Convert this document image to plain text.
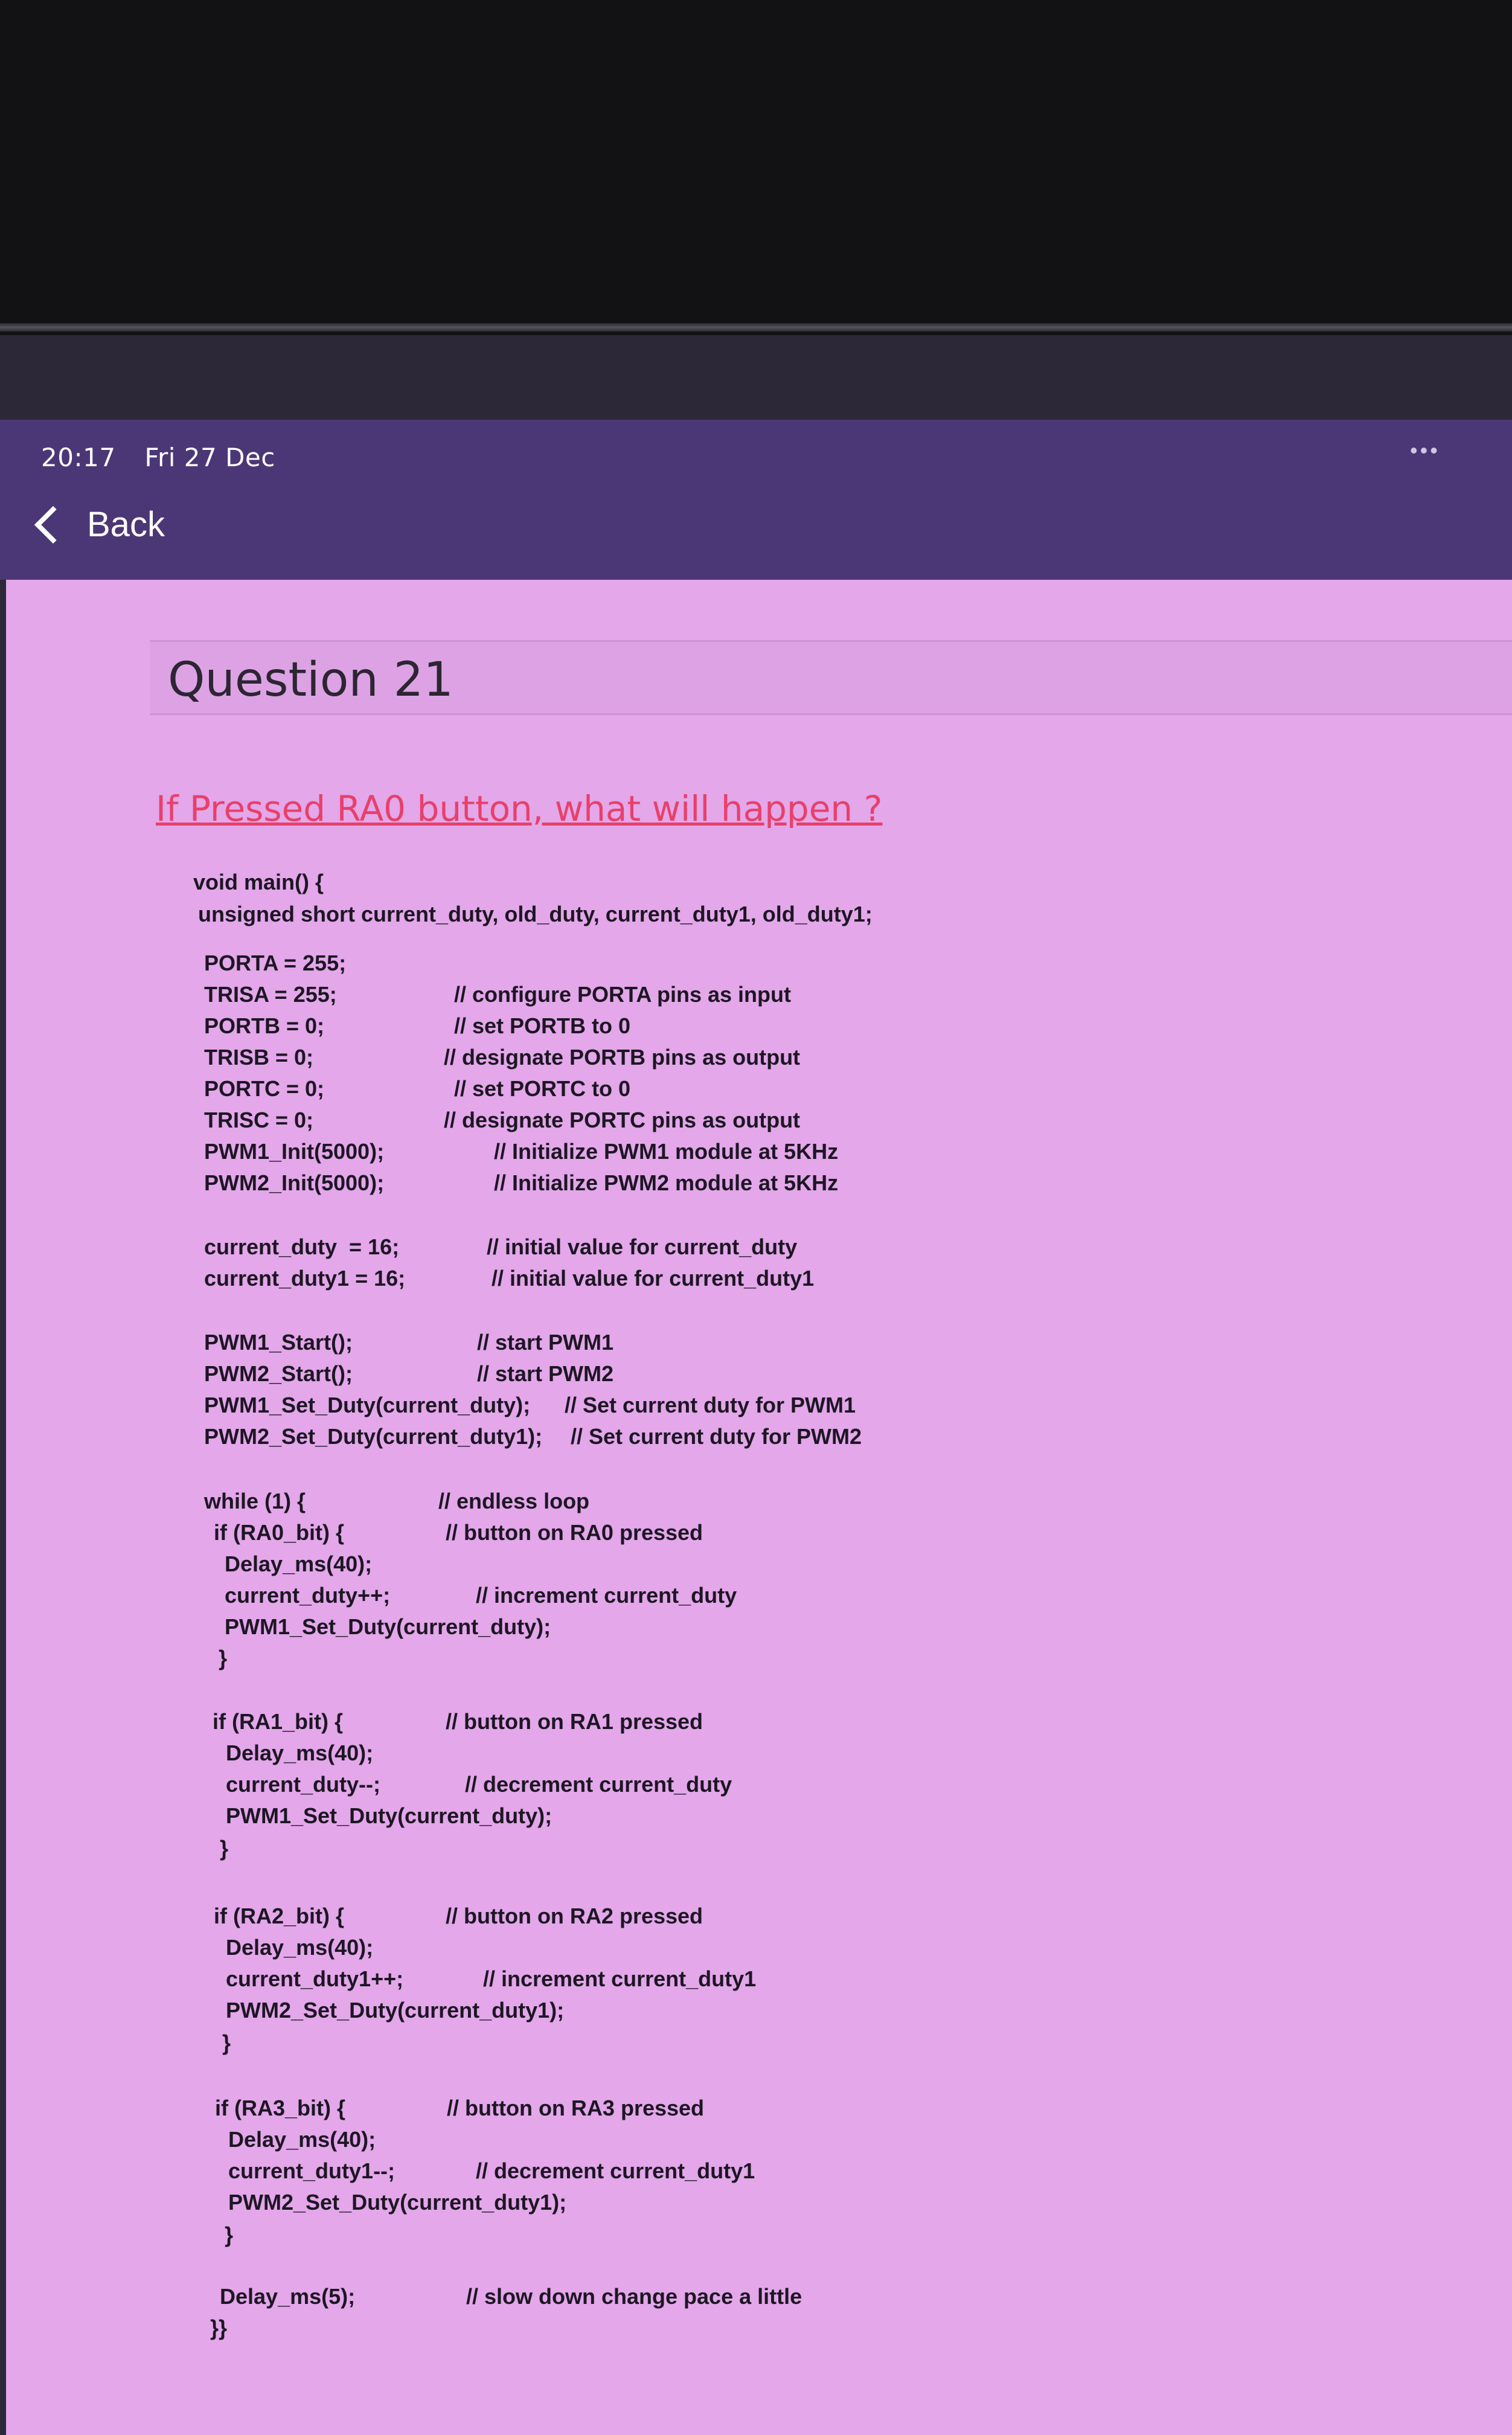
20:17 Fri 27 Dec	•••
Back
Question 21
If Pressed RA0 button, what will happen ?
void main() {
unsigned short current_duty, old_duty, current_duty1, old_duty1;
PORTA = 255;
TRISA = 255;	// configure PORTA pins as input
PORTB = 0;	// set PORTB to 0
TRISB = 0;	// designate PORTB pins as output
PORTC = 0;	// set PORTC to 0
TRISC = 0;	// designate PORTC pins as output
PWM1_Init(5000);	// Initialize PWM1 module at 5KHz
PWM2_Init(5000);	// Initialize PWM2 module at 5KHz
current_duty  = 16;	// initial value for current_duty
current_duty1 = 16;	// initial value for current_duty1
PWM1_Start();	// start PWM1
PWM2_Start();	// start PWM2
PWM1_Set_Duty(current_duty); // Set current duty for PWM1
PWM2_Set_Duty(current_duty1); // Set current duty for PWM2
while (1) {	// endless loop
if (RA0_bit) {	// button on RA0 pressed
Delay_ms(40);
current_duty++;	// increment current_duty
PWM1_Set_Duty(current_duty);
}
if (RA1_bit) {	// button on RA1 pressed
Delay_ms(40);
current_duty--;	// decrement current_duty
PWM1_Set_Duty(current_duty);
}
if (RA2_bit) {	// button on RA2 pressed
Delay_ms(40);
current_duty1++;	// increment current_duty1
PWM2_Set_Duty(current_duty1);
}
if (RA3_bit) {	// button on RA3 pressed
Delay_ms(40);
current_duty1--;	// decrement current_duty1
PWM2_Set_Duty(current_duty1);
}
Delay_ms(5);	// slow down change pace a little
}}
